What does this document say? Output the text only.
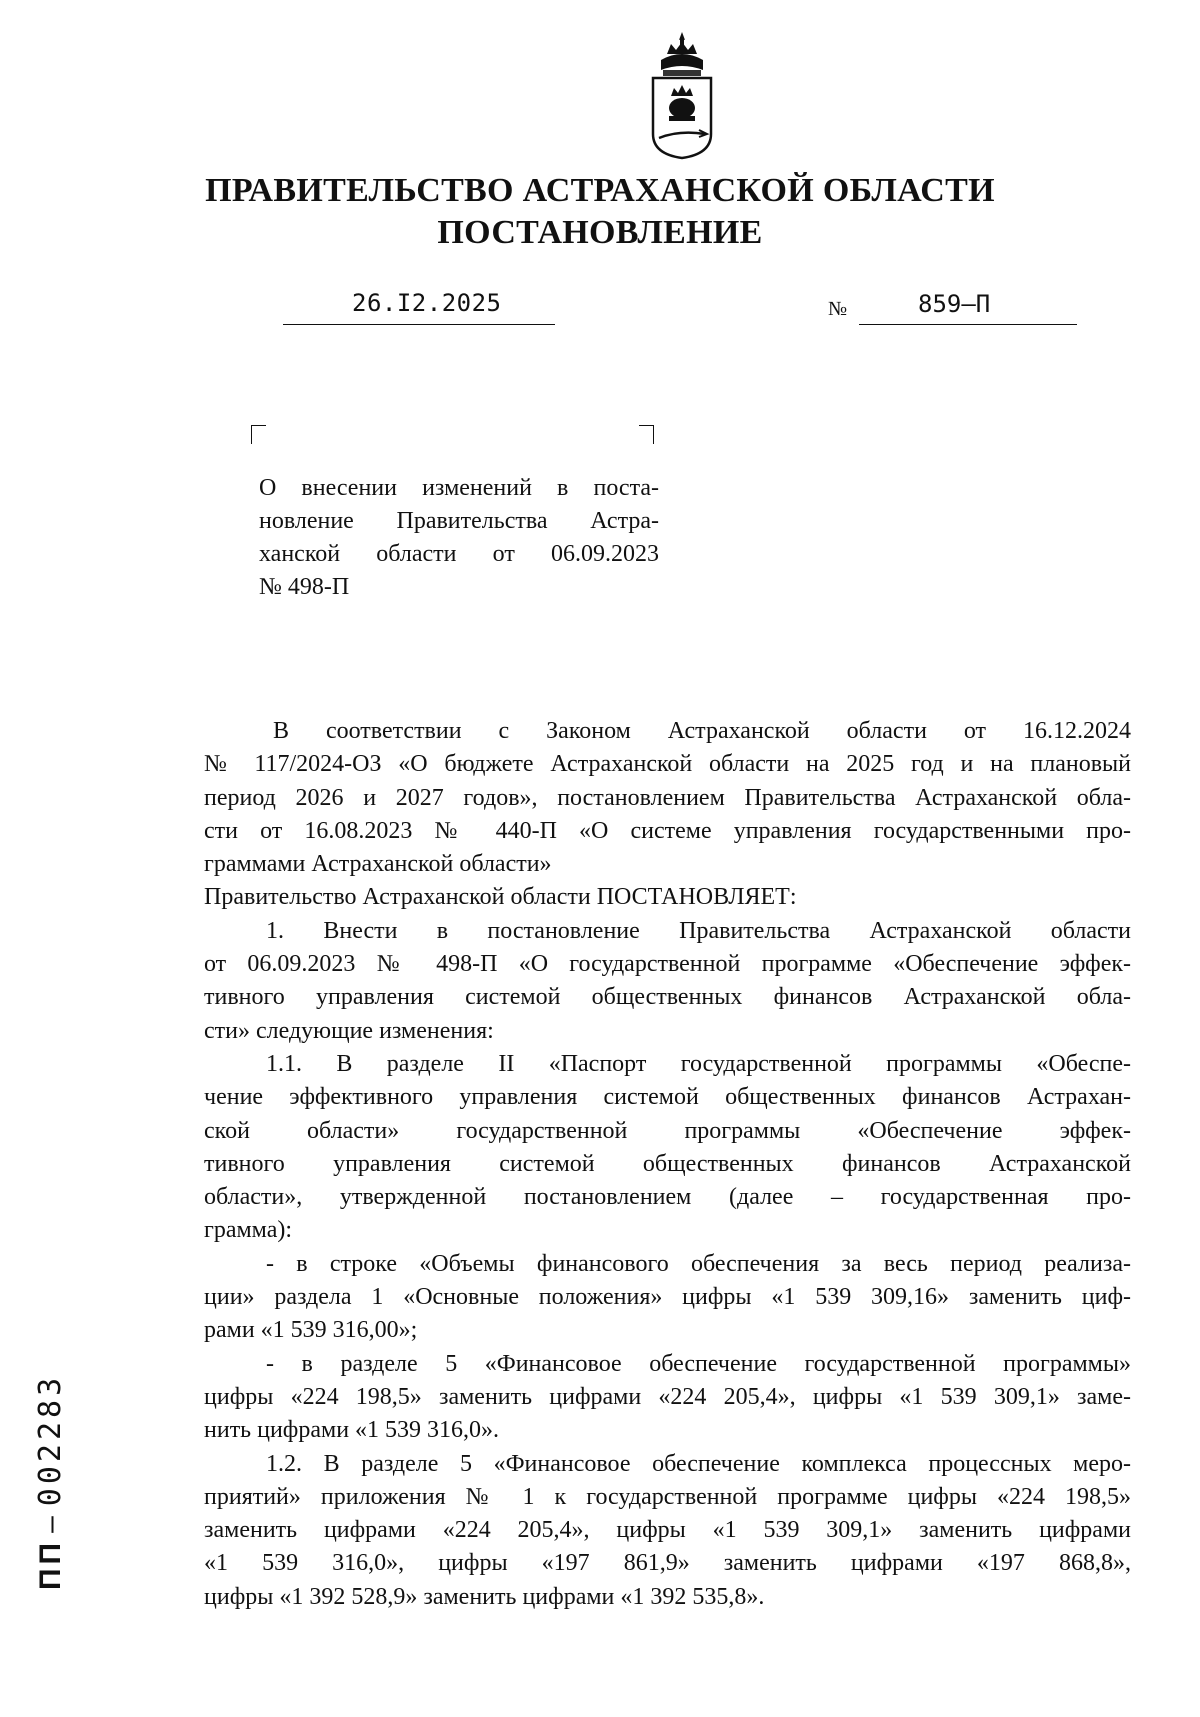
ПРАВИТЕЛЬСТВО АСТРАХАНСКОЙ ОБЛАСТИ
ПОСТАНОВЛЕНИЕ
26.I2.2025	№	859–П
О внесении изменений в поста-
новление Правительства Астра-
ханской области от 06.09.2023
№ 498-П
В соответствии с Законом Астраханской области от 16.12.2024
№ 117/2024-ОЗ «О бюджете Астраханской области на 2025 год и на плановый
период 2026 и 2027 годов», постановлением Правительства Астраханской обла-
сти от 16.08.2023 № 440-П «О системе управления государственными про-
граммами Астраханской области»
Правительство Астраханской области ПОСТАНОВЛЯЕТ:
1. Внести в постановление Правительства Астраханской области
от 06.09.2023 № 498-П «О государственной программе «Обеспечение эффек-
тивного управления системой общественных финансов Астраханской обла-
сти» следующие изменения:
1.1. В разделе II «Паспорт государственной программы «Обеспе-
чение эффективного управления системой общественных финансов Астрахан-
ской области» государственной программы «Обеспечение эффек-
тивного управления системой общественных финансов Астраханской
области», утвержденной постановлением (далее – государственная про-
грамма):
- в строке «Объемы финансового обеспечения за весь период реализа-
ции» раздела 1 «Основные положения» цифры «1 539 309,16» заменить циф-
рами «1 539 316,00»;
- в разделе 5 «Финансовое обеспечение государственной программы»
цифры «224 198,5» заменить цифрами «224 205,4», цифры «1 539 309,1» заме-
нить цифрами «1 539 316,0».
1.2. В разделе 5 «Финансовое обеспечение комплекса процессных меро-
приятий» приложения № 1 к государственной программе цифры «224 198,5»
заменить цифрами «224 205,4», цифры «1 539 309,1» заменить цифрами
«1 539 316,0», цифры «197 861,9» заменить цифрами «197 868,8»,
цифры «1 392 528,9» заменить цифрами «1 392 535,8».
ПП–002283
